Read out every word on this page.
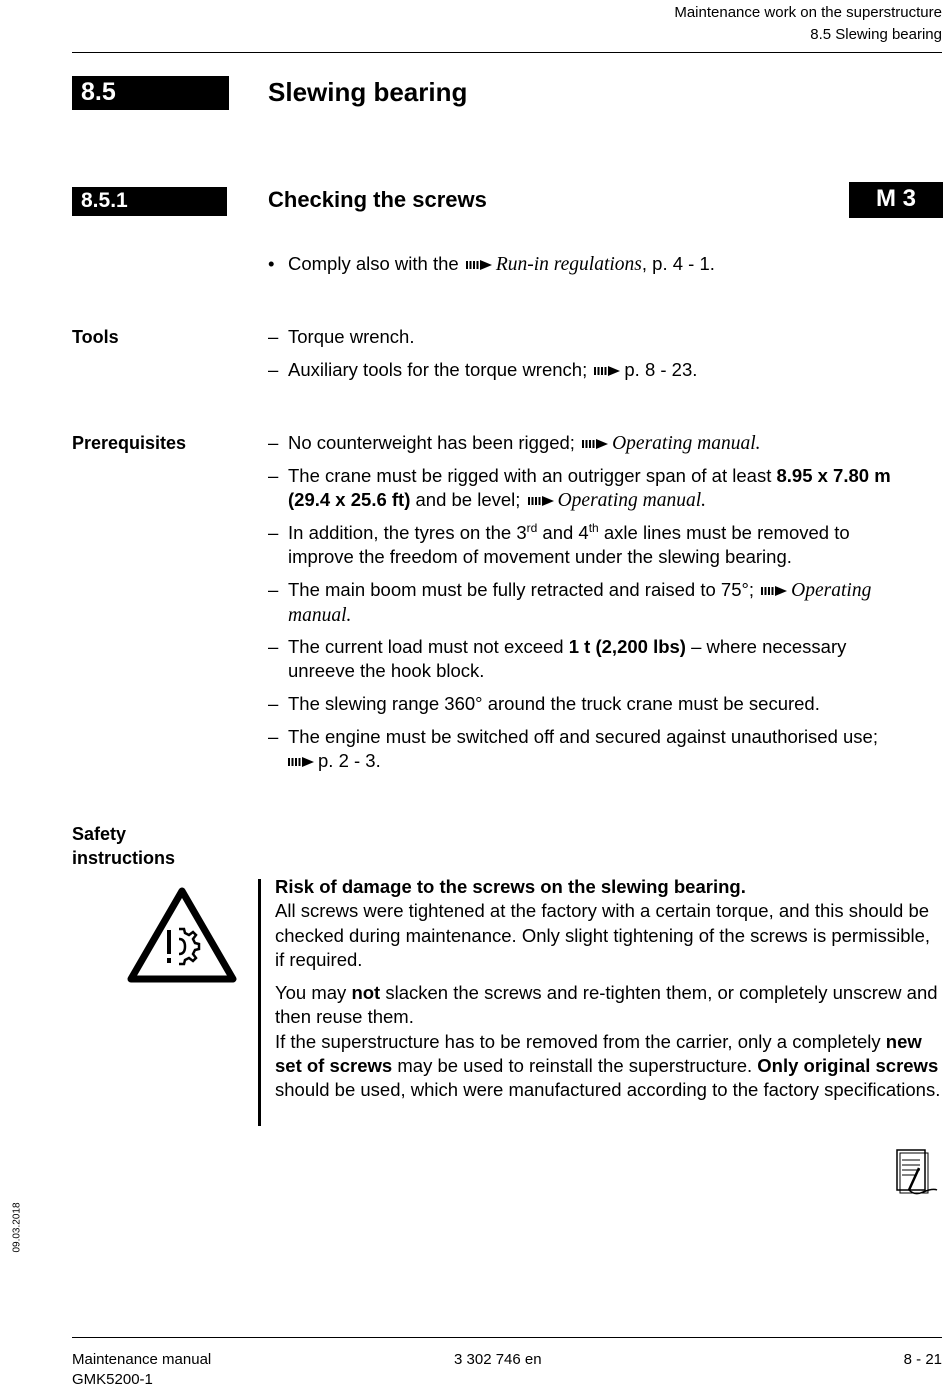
Maintenance work on the superstructure
8.5 Slewing bearing
8.5	Slewing bearing
8.5.1	Checking the screws	M 3
• Comply also with the Run-in regulations, p. 4 - 1.
Tools	– Torque wrench.
– Auxiliary tools for the torque wrench; p. 8 - 23.
Prerequisites	– No counterweight has been rigged; Operating manual.
– The crane must be rigged with an outrigger span of at least 8.95 x 7.80 m
(29.4 x 25.6 ft) and be level; Operating manual.
– In addition, the tyres on the 3rd and 4th axle lines must be removed to
improve the freedom of movement under the slewing bearing.
– The main boom must be fully retracted and raised to 75°; Operating
manual.
– The current load must not exceed 1 t (2,200 lbs) – where necessary
unreeve the hook block.
– The slewing range 360° around the truck crane must be secured.
– The engine must be switched off and secured against unauthorised use;
p. 2 - 3.
Safety
instructions

Risk of damage to the screws on the slewing bearing.

All screws were tightened at the factory with a certain torque, and this should be checked during maintenance. Only slight tightening of the screws is permissible, if required.

You may not slacken the screws and re-tighten them, or completely unscrew and then reuse them.

If the superstructure has to be removed from the carrier, only a completely new set of screws may be used to reinstall the superstructure. Only original screws should be used, which were manufactured according to the factory specifications.

09.03.2018
Maintenance manual
GMK5200-1
3 302 746 en	8 - 21
